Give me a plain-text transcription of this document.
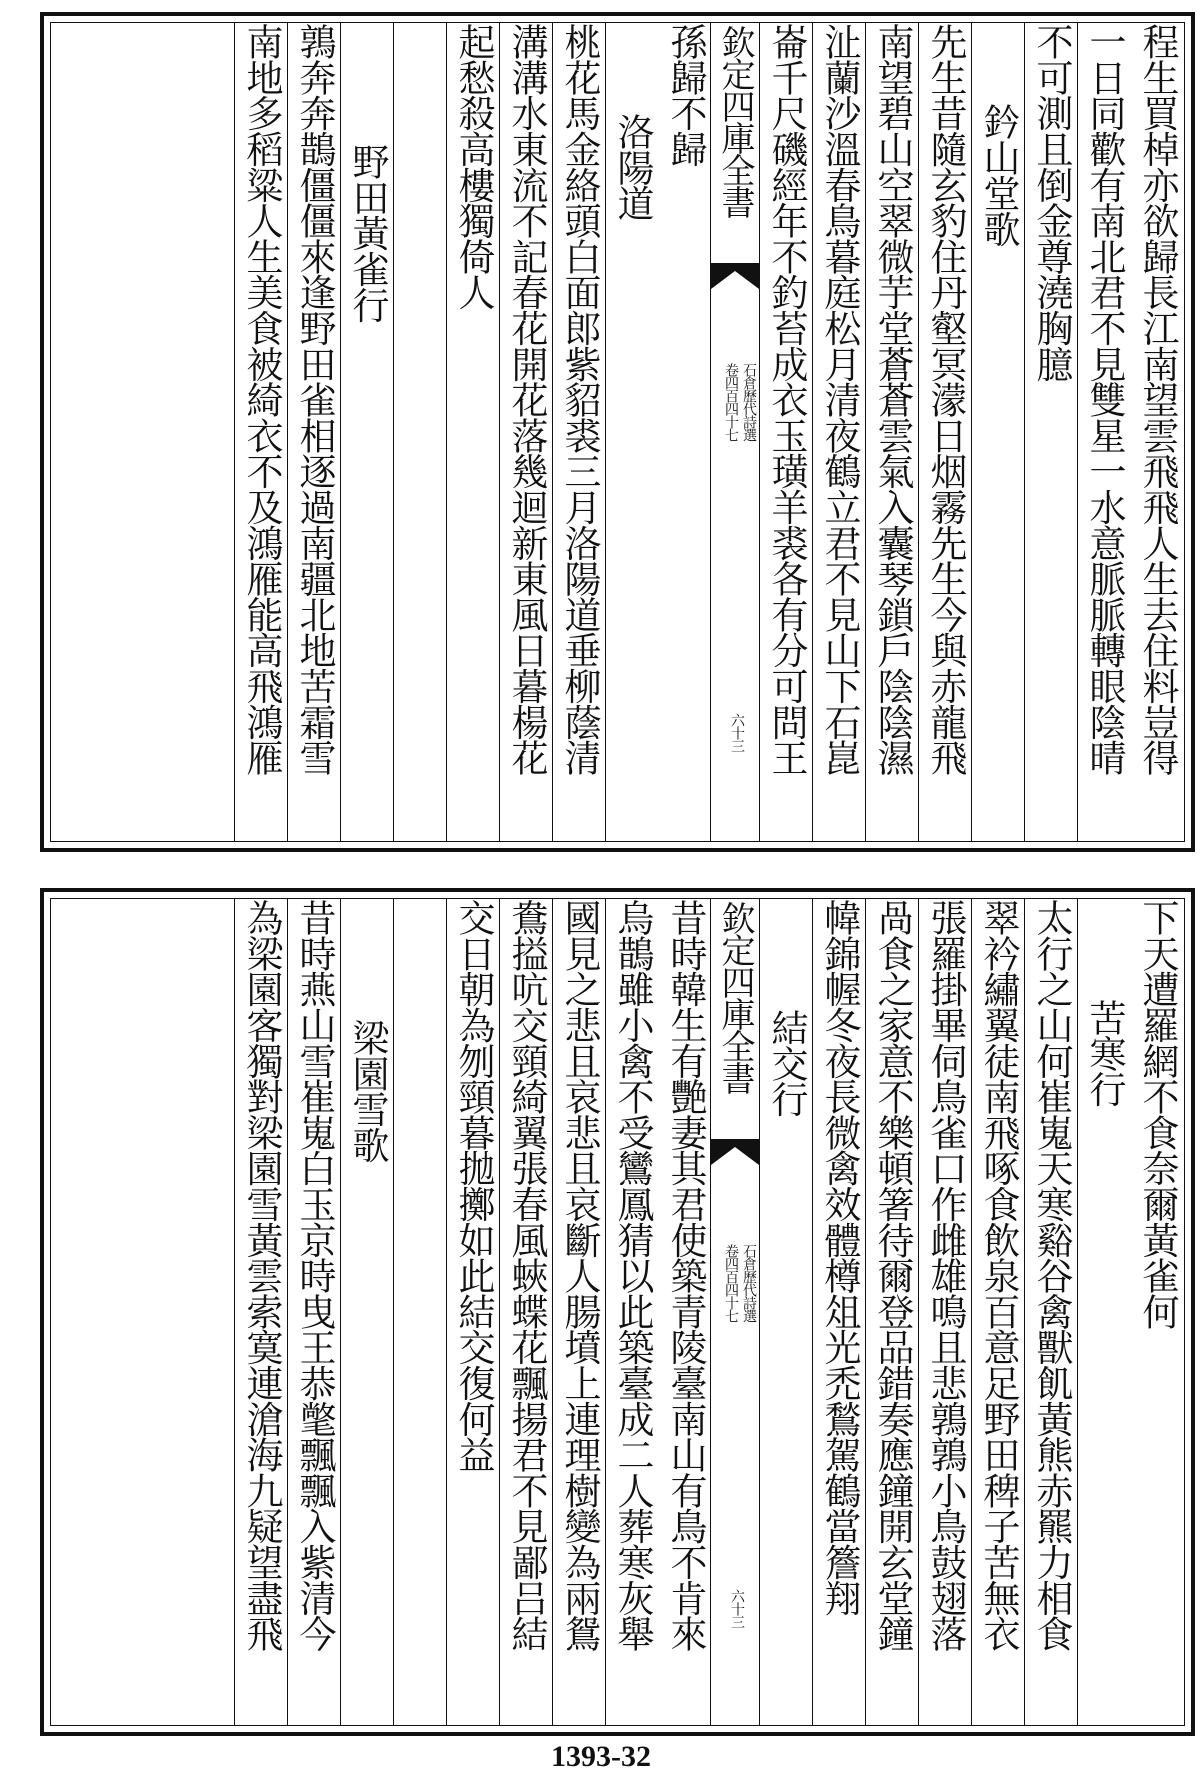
程生買棹亦欲歸長江南望雲飛飛人生去住料豈得
一日同歡有南北君不見雙星一水意脈脈轉眼陰晴
不可測且倒金尊澆胸臆
鈐山堂歌
先生昔隨玄豹住丹壑冥濛日烟霧先生今與赤龍飛
南望碧山空翠微芋堂蒼蒼雲氣入囊琴鎖戶陰陰濕
沚蘭沙溫春鳥暮庭松月清夜鶴立君不見山下石崑
崙千尺磯經年不釣苔成衣玉璜羊裘各有分可問王
欽定四庫全書
石倉歷代詩選
卷四百四十七
六十三
孫歸不歸
洛陽道
桃花馬金絡頭白面郎紫貂裘三月洛陽道垂柳蔭清
溝溝水東流不記春花開花落幾迴新東風日暮楊花
起愁殺高樓獨倚人
野田黃雀行
鶉奔奔鵲僵僵來逢野田雀相逐過南疆北地苦霜雪
南地多稻粱人生美食被綺衣不及鴻雁能高飛鴻雁
下天遭羅網不食奈爾黃雀何
苦寒行
太行之山何崔嵬天寒谿谷禽獸飢黃熊赤羆力相食
翠衿繡翼徒南飛啄食飲泉百意足野田稗子苦無衣
張羅掛畢伺鳥雀口作雌雄鳴且悲鶉鶉小鳥鼓翅落
咼食之家意不樂頓箸待爾登品錯奏應鐘開玄堂鐘
幃錦幄冬夜長微禽效體樽俎光禿鶖駕鶴當簷翔
結交行
欽定四庫全書
石倉歷代詩選
卷四百四十七
六十三
昔時韓生有艷妻其君使築青陵臺南山有鳥不肯來
烏鵲雖小禽不受鸞鳳猜以此築臺成二人葬寒灰舉
國見之悲且哀悲且哀斷人腸墳上連理樹變為兩鴛
鴦搤吭交頸綺翼張春風蛺蝶花飄揚君不見鄙吕結
交日朝為刎頸暮拋擲如此結交復何益
梁園雪歌
昔時燕山雪崔嵬白玉京時曳王恭氅飄飄入紫清今
為梁園客獨對梁園雪黃雲索寞連滄海九疑望盡飛
1393-32
